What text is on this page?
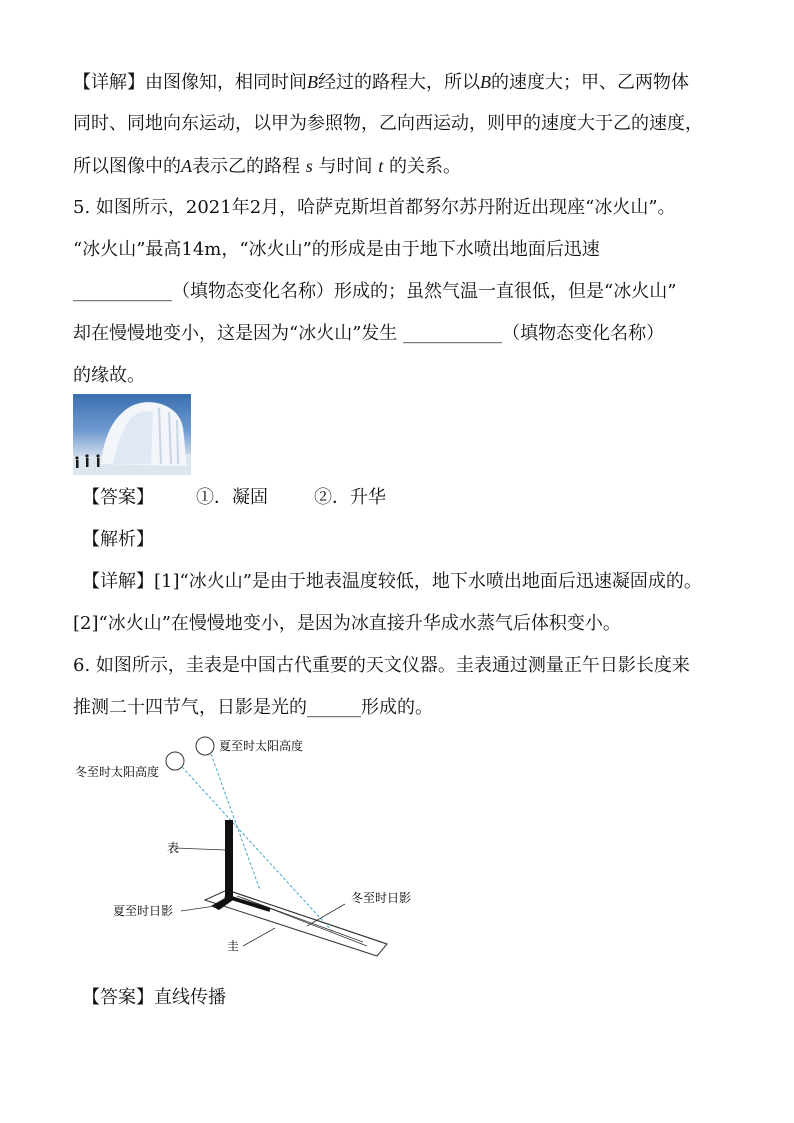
【详解】由图像知，相同时间B经过的路程大，所以B的速度大；甲、乙两物体
同时、同地向东运动，以甲为参照物，乙向西运动，则甲的速度大于乙的速度，
所以图像中的A表示乙的路程 s 与时间 t 的关系。
5. 如图所示，2021年2月，哈萨克斯坦首都努尔苏丹附近出现座“冰火山”。
“冰火山”最高14m，“冰火山”的形成是由于地下水喷出地面后迅速
___________（填物态变化名称）形成的；虽然气温一直很低，但是“冰火山”
却在慢慢地变小，这是因为“冰火山”发生 ___________（填物态变化名称）
的缘故。
【答案】 ①．凝固	②．升华
【解析】
【详解】[1]“冰火山”是由于地表温度较低，地下水喷出地面后迅速凝固成的。
[2]“冰火山”在慢慢地变小，是因为冰直接升华成水蒸气后体积变小。
6. 如图所示，圭表是中国古代重要的天文仪器。圭表通过测量正午日影长度来
推测二十四节气，日影是光的______形成的。
夏至时太阳高度
冬至时太阳高度
表
夏至时日影
冬至时日影
圭
【答案】直线传播
